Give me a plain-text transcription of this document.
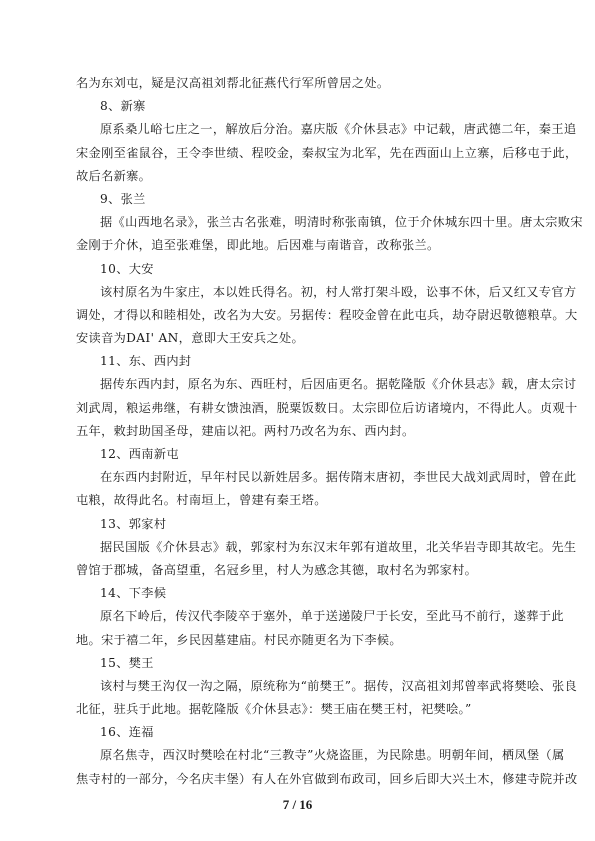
名为东刘屯，疑是汉高祖刘帮北征燕代行军所曾居之处。
8、新寨
原系桑儿峪七庄之一，解放后分治。嘉庆版《介休县志》中记载，唐武德二年，秦王追
宋金刚至雀鼠谷，王令李世绩、程咬金，秦叔宝为北军，先在西面山上立寨，后移屯于此，
故后名新寨。
9、张兰
据《山西地名录》，张兰古名张难，明清时称张南镇，位于介休城东四十里。唐太宗败宋
金刚于介休，追至张难堡，即此地。后因难与南谐音，改称张兰。
10、大安
该村原名为牛家庄，本以姓氏得名。初，村人常打架斗殴，讼事不休，后又红又专官方
调处，才得以和睦相处，改名为大安。另据传：程咬金曾在此屯兵，劫夺尉迟敬德粮草。大
安读音为DAI' AN，意即大王安兵之处。
11、东、西内封
据传东西内封，原名为东、西旺村，后因庙更名。据乾隆版《介休县志》载，唐太宗讨
刘武周，粮运弗继，有耕女馈浊酒，脱粟饭数日。太宗即位后访诸境内，不得此人。贞观十
五年，敕封助国圣母，建庙以祀。两村乃改名为东、西内封。
12、西南新屯
在东西内封附近，早年村民以新姓居多。据传隋末唐初，李世民大战刘武周时，曾在此
屯粮，故得此名。村南垣上，曾建有秦王塔。
13、郭家村
据民国版《介休县志》载，郭家村为东汉末年郭有道故里，北关华岩寺即其故宅。先生
曾馆于郡城，备高望重，名冠乡里，村人为感念其德，取村名为郭家村。
14、下李候
原名下岭后，传汉代李陵卒于塞外，单于送递陵尸于长安，至此马不前行，遂葬于此
地。宋于禧二年，乡民因墓建庙。村民亦随更名为下李候。
15、樊王
该村与樊王沟仅一沟之隔，原统称为“前樊王”。据传，汉高祖刘邦曾率武将樊哙、张良
北征，驻兵于此地。据乾隆版《介休县志》：樊王庙在樊王村，祀樊哙。”
16、连福
原名焦寺，西汉时樊哙在村北“三教寺”火烧盗匪，为民除患。明朝年间，栖凤堡（属
焦寺村的一部分，今名庆丰堡）有人在外官做到布政司，回乡后即大兴土木，修建寺院并改
7 / 16
